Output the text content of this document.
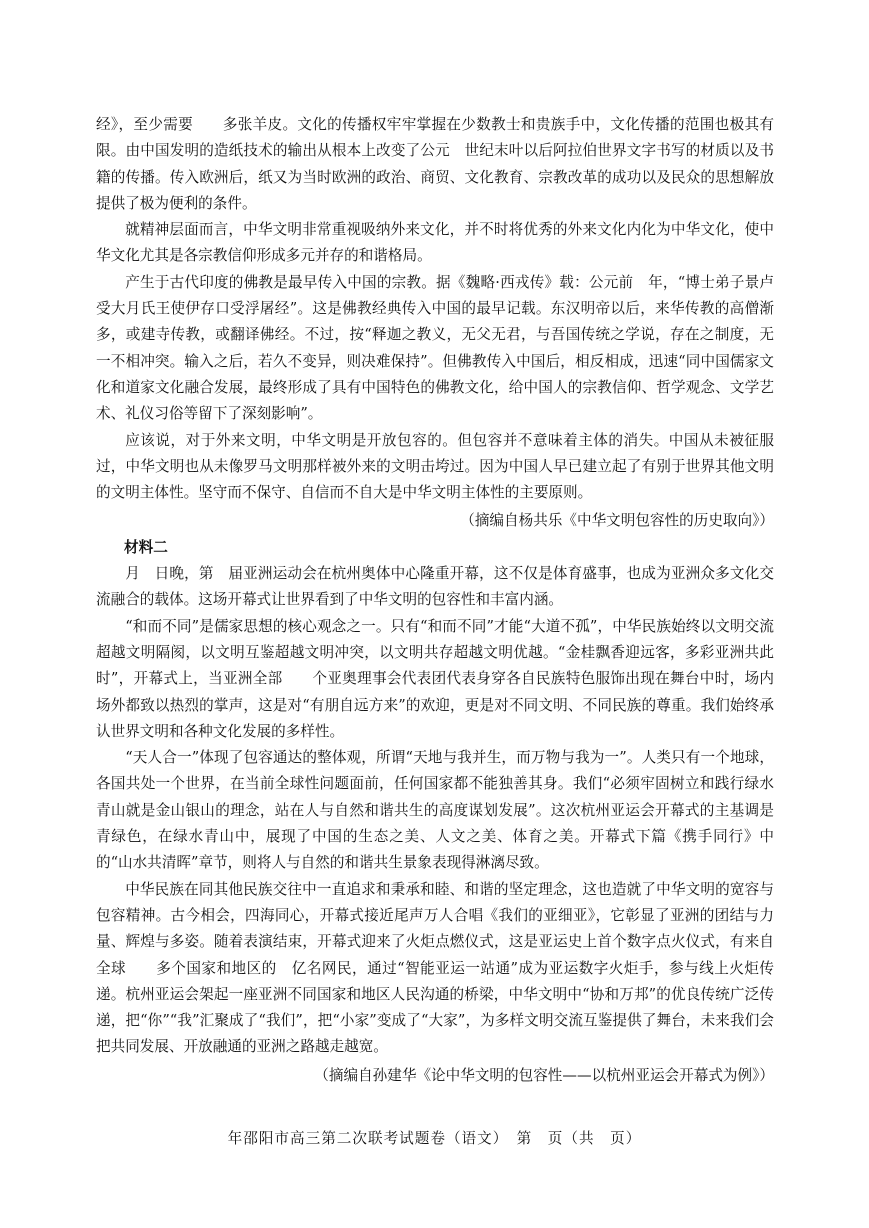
经》，至少需要　　多张羊皮。文化的传播权牢牢掌握在少数教士和贵族手中，文化传播的范围也极其有限。由中国发明的造纸技术的输出从根本上改变了公元　世纪末叶以后阿拉伯世界文字书写的材质以及书籍的传播。传入欧洲后，纸又为当时欧洲的政治、商贸、文化教育、宗教改革的成功以及民众的思想解放提供了极为便利的条件。

就精神层面而言，中华文明非常重视吸纳外来文化，并不时将优秀的外来文化内化为中华文化，使中华文化尤其是各宗教信仰形成多元并存的和谐格局。

产生于古代印度的佛教是最早传入中国的宗教。据《魏略·西戎传》载：公元前　年，“博士弟子景卢受大月氏王使伊存口受浮屠经”。这是佛教经典传入中国的最早记载。东汉明帝以后，来华传教的高僧渐多，或建寺传教，或翻译佛经。不过，按“释迦之教义，无父无君，与吾国传统之学说，存在之制度，无一不相冲突。输入之后，若久不变异，则决难保持”。但佛教传入中国后，相反相成，迅速“同中国儒家文化和道家文化融合发展，最终形成了具有中国特色的佛教文化，给中国人的宗教信仰、哲学观念、文学艺术、礼仪习俗等留下了深刻影响”。

应该说，对于外来文明，中华文明是开放包容的。但包容并不意味着主体的消失。中国从未被征服过，中华文明也从未像罗马文明那样被外来的文明击垮过。因为中国人早已建立起了有别于世界其他文明的文明主体性。坚守而不保守、自信而不自大是中华文明主体性的主要原则。

（摘编自杨共乐《中华文明包容性的历史取向》）

材料二

月　日晚，第　届亚洲运动会在杭州奥体中心隆重开幕，这不仅是体育盛事，也成为亚洲众多文化交流融合的载体。这场开幕式让世界看到了中华文明的包容性和丰富内涵。

“和而不同”是儒家思想的核心观念之一。只有“和而不同”才能“大道不孤”，中华民族始终以文明交流超越文明隔阂，以文明互鉴超越文明冲突，以文明共存超越文明优越。“金桂飘香迎远客，多彩亚洲共此时”，开幕式上，当亚洲全部　　个亚奥理事会代表团代表身穿各自民族特色服饰出现在舞台中时，场内场外都致以热烈的掌声，这是对“有朋自远方来”的欢迎，更是对不同文明、不同民族的尊重。我们始终承认世界文明和各种文化发展的多样性。

“天人合一”体现了包容通达的整体观，所谓“天地与我并生，而万物与我为一”。人类只有一个地球，各国共处一个世界，在当前全球性问题面前，任何国家都不能独善其身。我们“必须牢固树立和践行绿水青山就是金山银山的理念，站在人与自然和谐共生的高度谋划发展”。这次杭州亚运会开幕式的主基调是青绿色，在绿水青山中，展现了中国的生态之美、人文之美、体育之美。开幕式下篇《携手同行》中的“山水共清晖”章节，则将人与自然的和谐共生景象表现得淋漓尽致。

中华民族在同其他民族交往中一直追求和秉承和睦、和谐的坚定理念，这也造就了中华文明的宽容与包容精神。古今相会，四海同心，开幕式接近尾声万人合唱《我们的亚细亚》，它彰显了亚洲的团结与力量、辉煌与多姿。随着表演结束，开幕式迎来了火炬点燃仪式，这是亚运史上首个数字点火仪式，有来自全球　　多个国家和地区的　亿名网民，通过“智能亚运一站通”成为亚运数字火炬手，参与线上火炬传递。杭州亚运会架起一座亚洲不同国家和地区人民沟通的桥梁，中华文明中“协和万邦”的优良传统广泛传递，把“你”“我”汇聚成了“我们”，把“小家”变成了“大家”，为多样文明交流互鉴提供了舞台，未来我们会把共同发展、开放融通的亚洲之路越走越宽。

（摘编自孙建华《论中华文明的包容性——以杭州亚运会开幕式为例》）

年邵阳市高三第二次联考试题卷（语文）　第　页（共　页）
